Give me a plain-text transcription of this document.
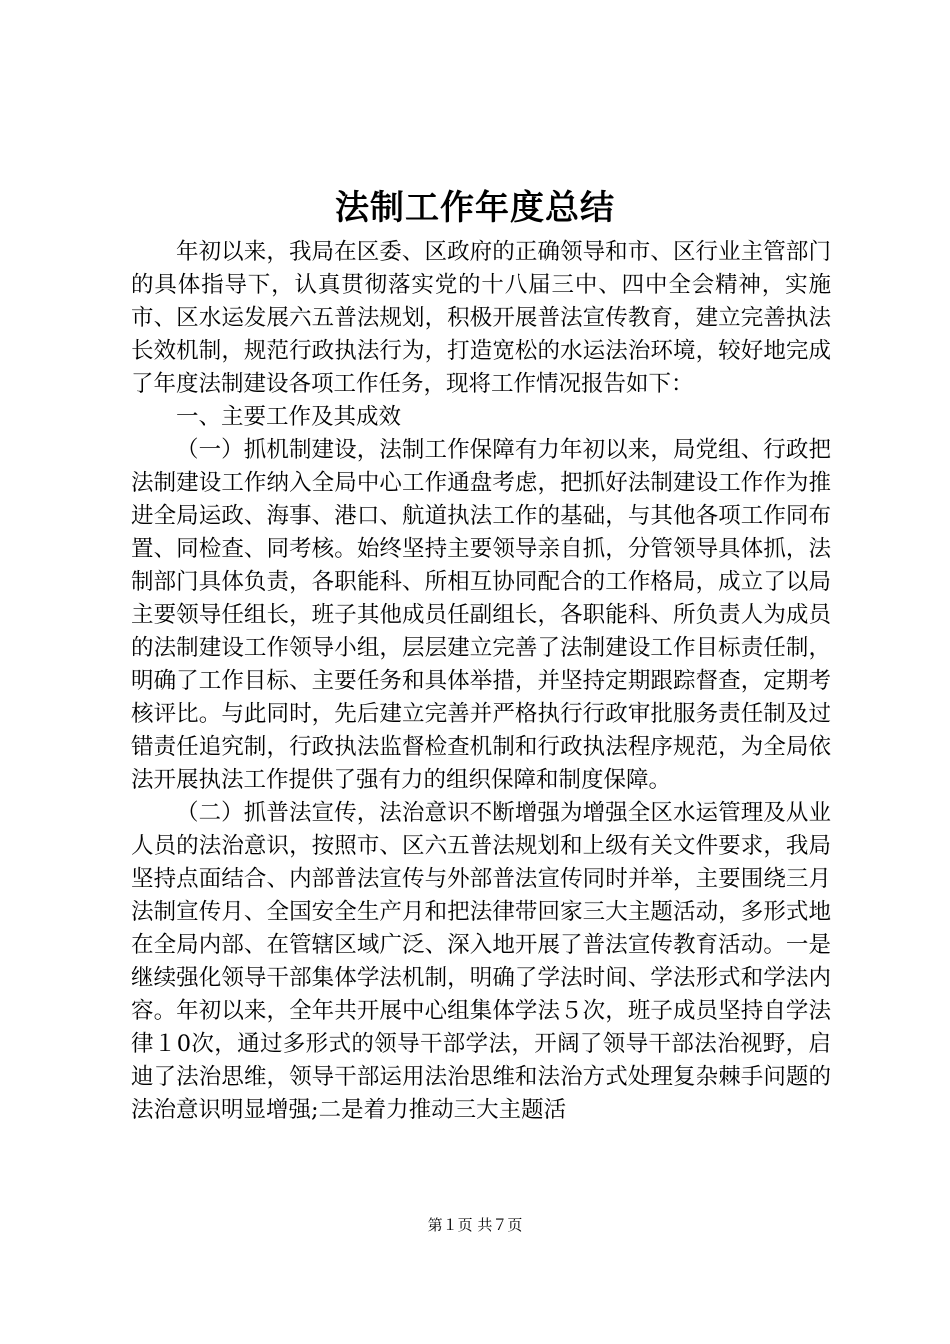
法制工作年度总结

年初以来，我局在区委、区政府的正确领导和市、区行业主管部门的具体指导下，认真贯彻落实党的十八届三中、四中全会精神，实施市、区水运发展六五普法规划，积极开展普法宣传教育，建立完善执法长效机制，规范行政执法行为，打造宽松的水运法治环境，较好地完成了年度法制建设各项工作任务，现将工作情况报告如下：

一、主要工作及其成效

（一）抓机制建设，法制工作保障有力年初以来，局党组、行政把法制建设工作纳入全局中心工作通盘考虑，把抓好法制建设工作作为推进全局运政、海事、港口、航道执法工作的基础，与其他各项工作同布置、同检查、同考核。始终坚持主要领导亲自抓，分管领导具体抓，法制部门具体负责，各职能科、所相互协同配合的工作格局，成立了以局主要领导任组长，班子其他成员任副组长，各职能科、所负责人为成员的法制建设工作领导小组，层层建立完善了法制建设工作目标责任制，明确了工作目标、主要任务和具体举措，并坚持定期跟踪督查，定期考核评比。与此同时，先后建立完善并严格执行行政审批服务责任制及过错责任追究制，行政执法监督检查机制和行政执法程序规范，为全局依法开展执法工作提供了强有力的组织保障和制度保障。

（二）抓普法宣传，法治意识不断增强为增强全区水运管理及从业人员的法治意识，按照市、区六五普法规划和上级有关文件要求，我局坚持点面结合、内部普法宣传与外部普法宣传同时并举，主要围绕三月法制宣传月、全国安全生产月和把法律带回家三大主题活动，多形式地在全局内部、在管辖区域广泛、深入地开展了普法宣传教育活动。一是继续强化领导干部集体学法机制，明确了学法时间、学法形式和学法内容。年初以来，全年共开展中心组集体学法５次，班子成员坚持自学法律１0次，通过多形式的领导干部学法，开阔了领导干部法治视野，启迪了法治思维，领导干部运用法治思维和法治方式处理复杂棘手问题的法治意识明显增强;二是着力推动三大主题活

第１页 共７页
